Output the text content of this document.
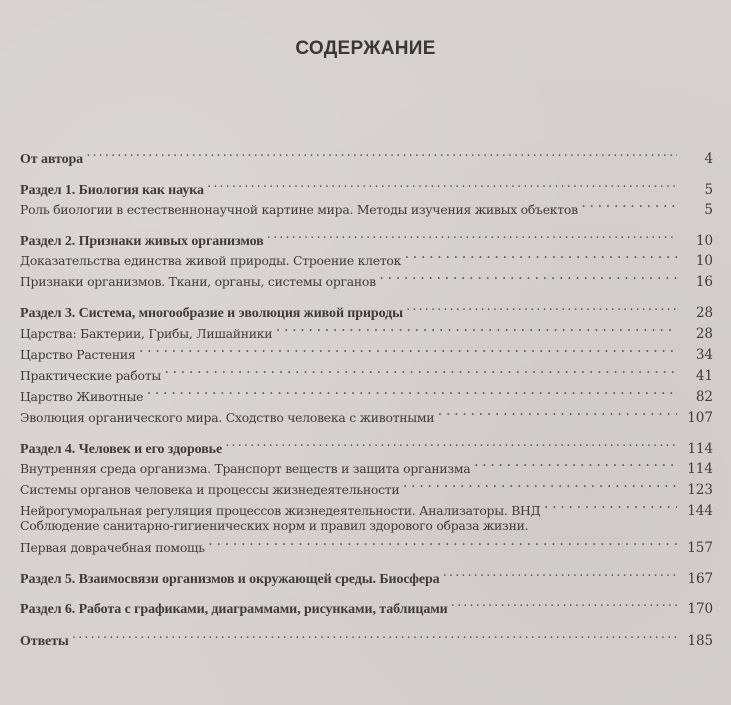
СОДЕРЖАНИЕ
От автора . . .	4
Раздел 1. Биология как наука . . .	5
Роль биологии в естественнонаучной картине мира. Методы изучения живых объектов . . .	5
Раздел 2. Признаки живых организмов . . .	10
Доказательства единства живой природы. Строение клеток . . .	10
Признаки организмов. Ткани, органы, системы органов . . .	16
Раздел 3. Система, многообразие и эволюция живой природы . . .	28
Царства: Бактерии, Грибы, Лишайники . . .	28
Царство Растения . . .	34
Практические работы . . .	41
Царство Животные . . .	82
Эволюция органического мира. Сходство человека с животными . . .	107
Раздел 4. Человек и его здоровье . . .	114
Внутренняя среда организма. Транспорт веществ и защита организма . . .	114
Системы органов человека и процессы жизнедеятельности . . .	123
Нейрогуморальная регуляция процессов жизнедеятельности. Анализаторы. ВНД . . .	144
Соблюдение санитарно-гигиенических норм и правил здорового образа жизни.
Первая доврачебная помощь . . .	157
Раздел 5. Взаимосвязи организмов и окружающей среды. Биосфера . . .	167
Раздел 6. Работа с графиками, диаграммами, рисунками, таблицами . . .	170
Ответы . . .	185
